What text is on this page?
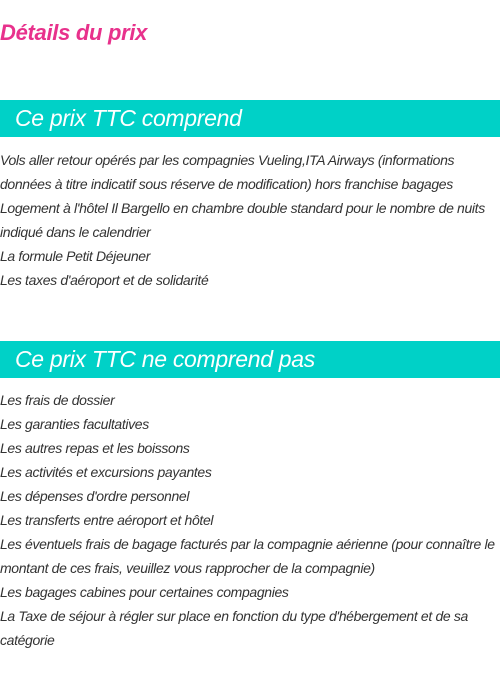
Détails du prix
Ce prix TTC comprend
Vols aller retour opérés par les compagnies Vueling,ITA Airways (informations données à titre indicatif sous réserve de modification) hors franchise bagages
Logement à l'hôtel Il Bargello en chambre double standard pour le nombre de nuits indiqué dans le calendrier
La formule Petit Déjeuner
Les taxes d'aéroport et de solidarité
Ce prix TTC ne comprend pas
Les frais de dossier
Les garanties facultatives
Les autres repas et les boissons
Les activités et excursions payantes
Les dépenses d'ordre personnel
Les transferts entre aéroport et hôtel
Les éventuels frais de bagage facturés par la compagnie aérienne (pour connaître le montant de ces frais, veuillez vous rapprocher de la compagnie)
Les bagages cabines pour certaines compagnies
La Taxe de séjour à régler sur place en fonction du type d'hébergement et de sa catégorie
